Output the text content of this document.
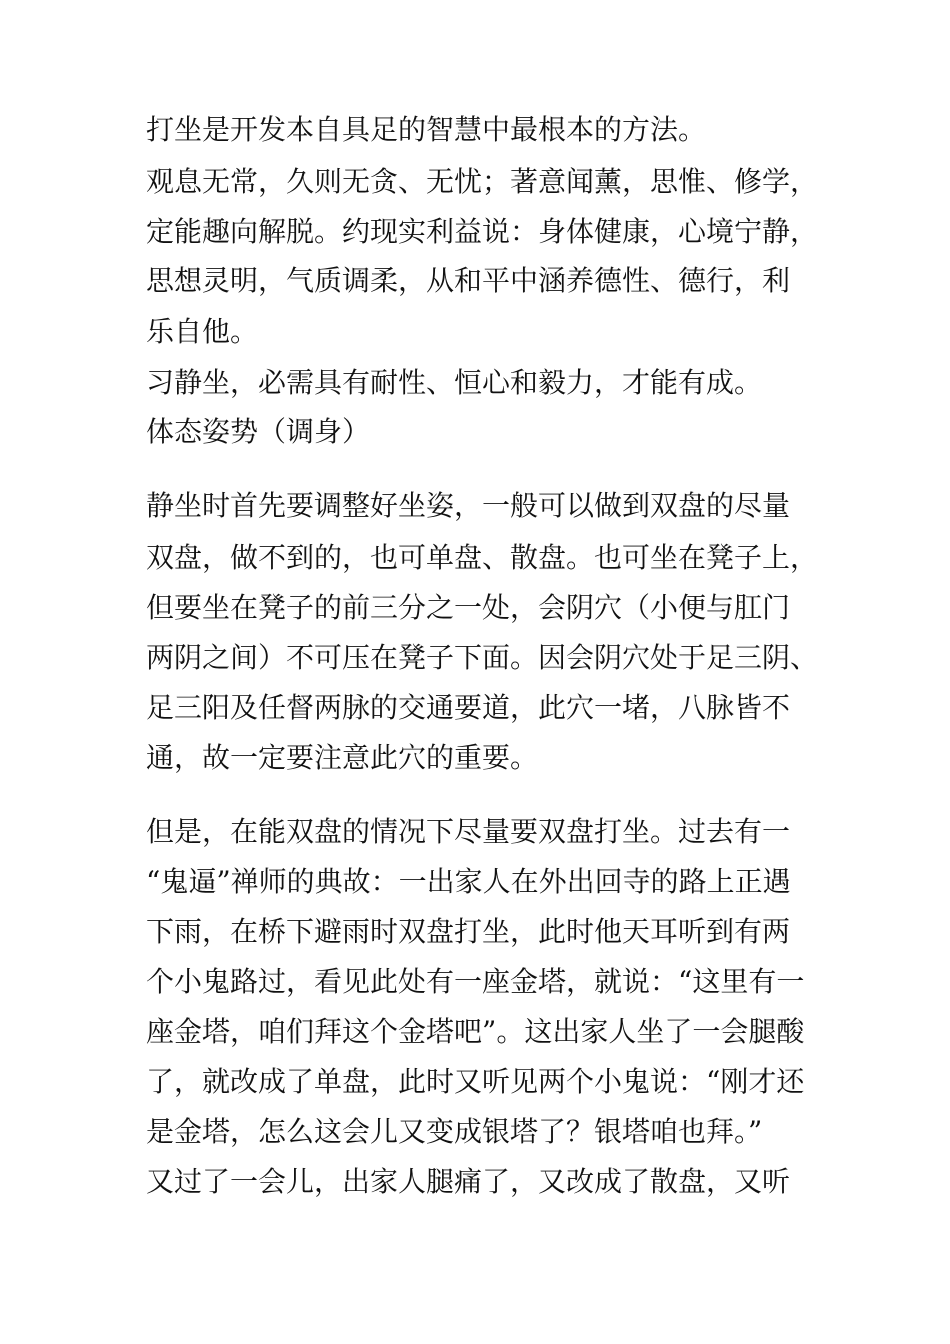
打坐是开发本自具足的智慧中最根本的方法。
观息无常，久则无贪、无忧；著意闻薰，思惟、修学，
定能趣向解脱。约现实利益说：身体健康，心境宁静，
思想灵明，气质调柔，从和平中涵养德性、德行，利
乐自他。
习静坐，必需具有耐性、恒心和毅力，才能有成。
体态姿势（调身）
静坐时首先要调整好坐姿，一般可以做到双盘的尽量
双盘，做不到的，也可单盘、散盘。也可坐在凳子上，
但要坐在凳子的前三分之一处，会阴穴（小便与肛门
两阴之间）不可压在凳子下面。因会阴穴处于足三阴、
足三阳及任督两脉的交通要道，此穴一堵，八脉皆不
通，故一定要注意此穴的重要。
但是，在能双盘的情况下尽量要双盘打坐。过去有一
“鬼逼”禅师的典故：一出家人在外出回寺的路上正遇
下雨，在桥下避雨时双盘打坐，此时他天耳听到有两
个小鬼路过，看见此处有一座金塔，就说：“这里有一
座金塔，咱们拜这个金塔吧”。这出家人坐了一会腿酸
了，就改成了单盘，此时又听见两个小鬼说：“刚才还
是金塔，怎么这会儿又变成银塔了？银塔咱也拜。”
又过了一会儿，出家人腿痛了，又改成了散盘，又听
